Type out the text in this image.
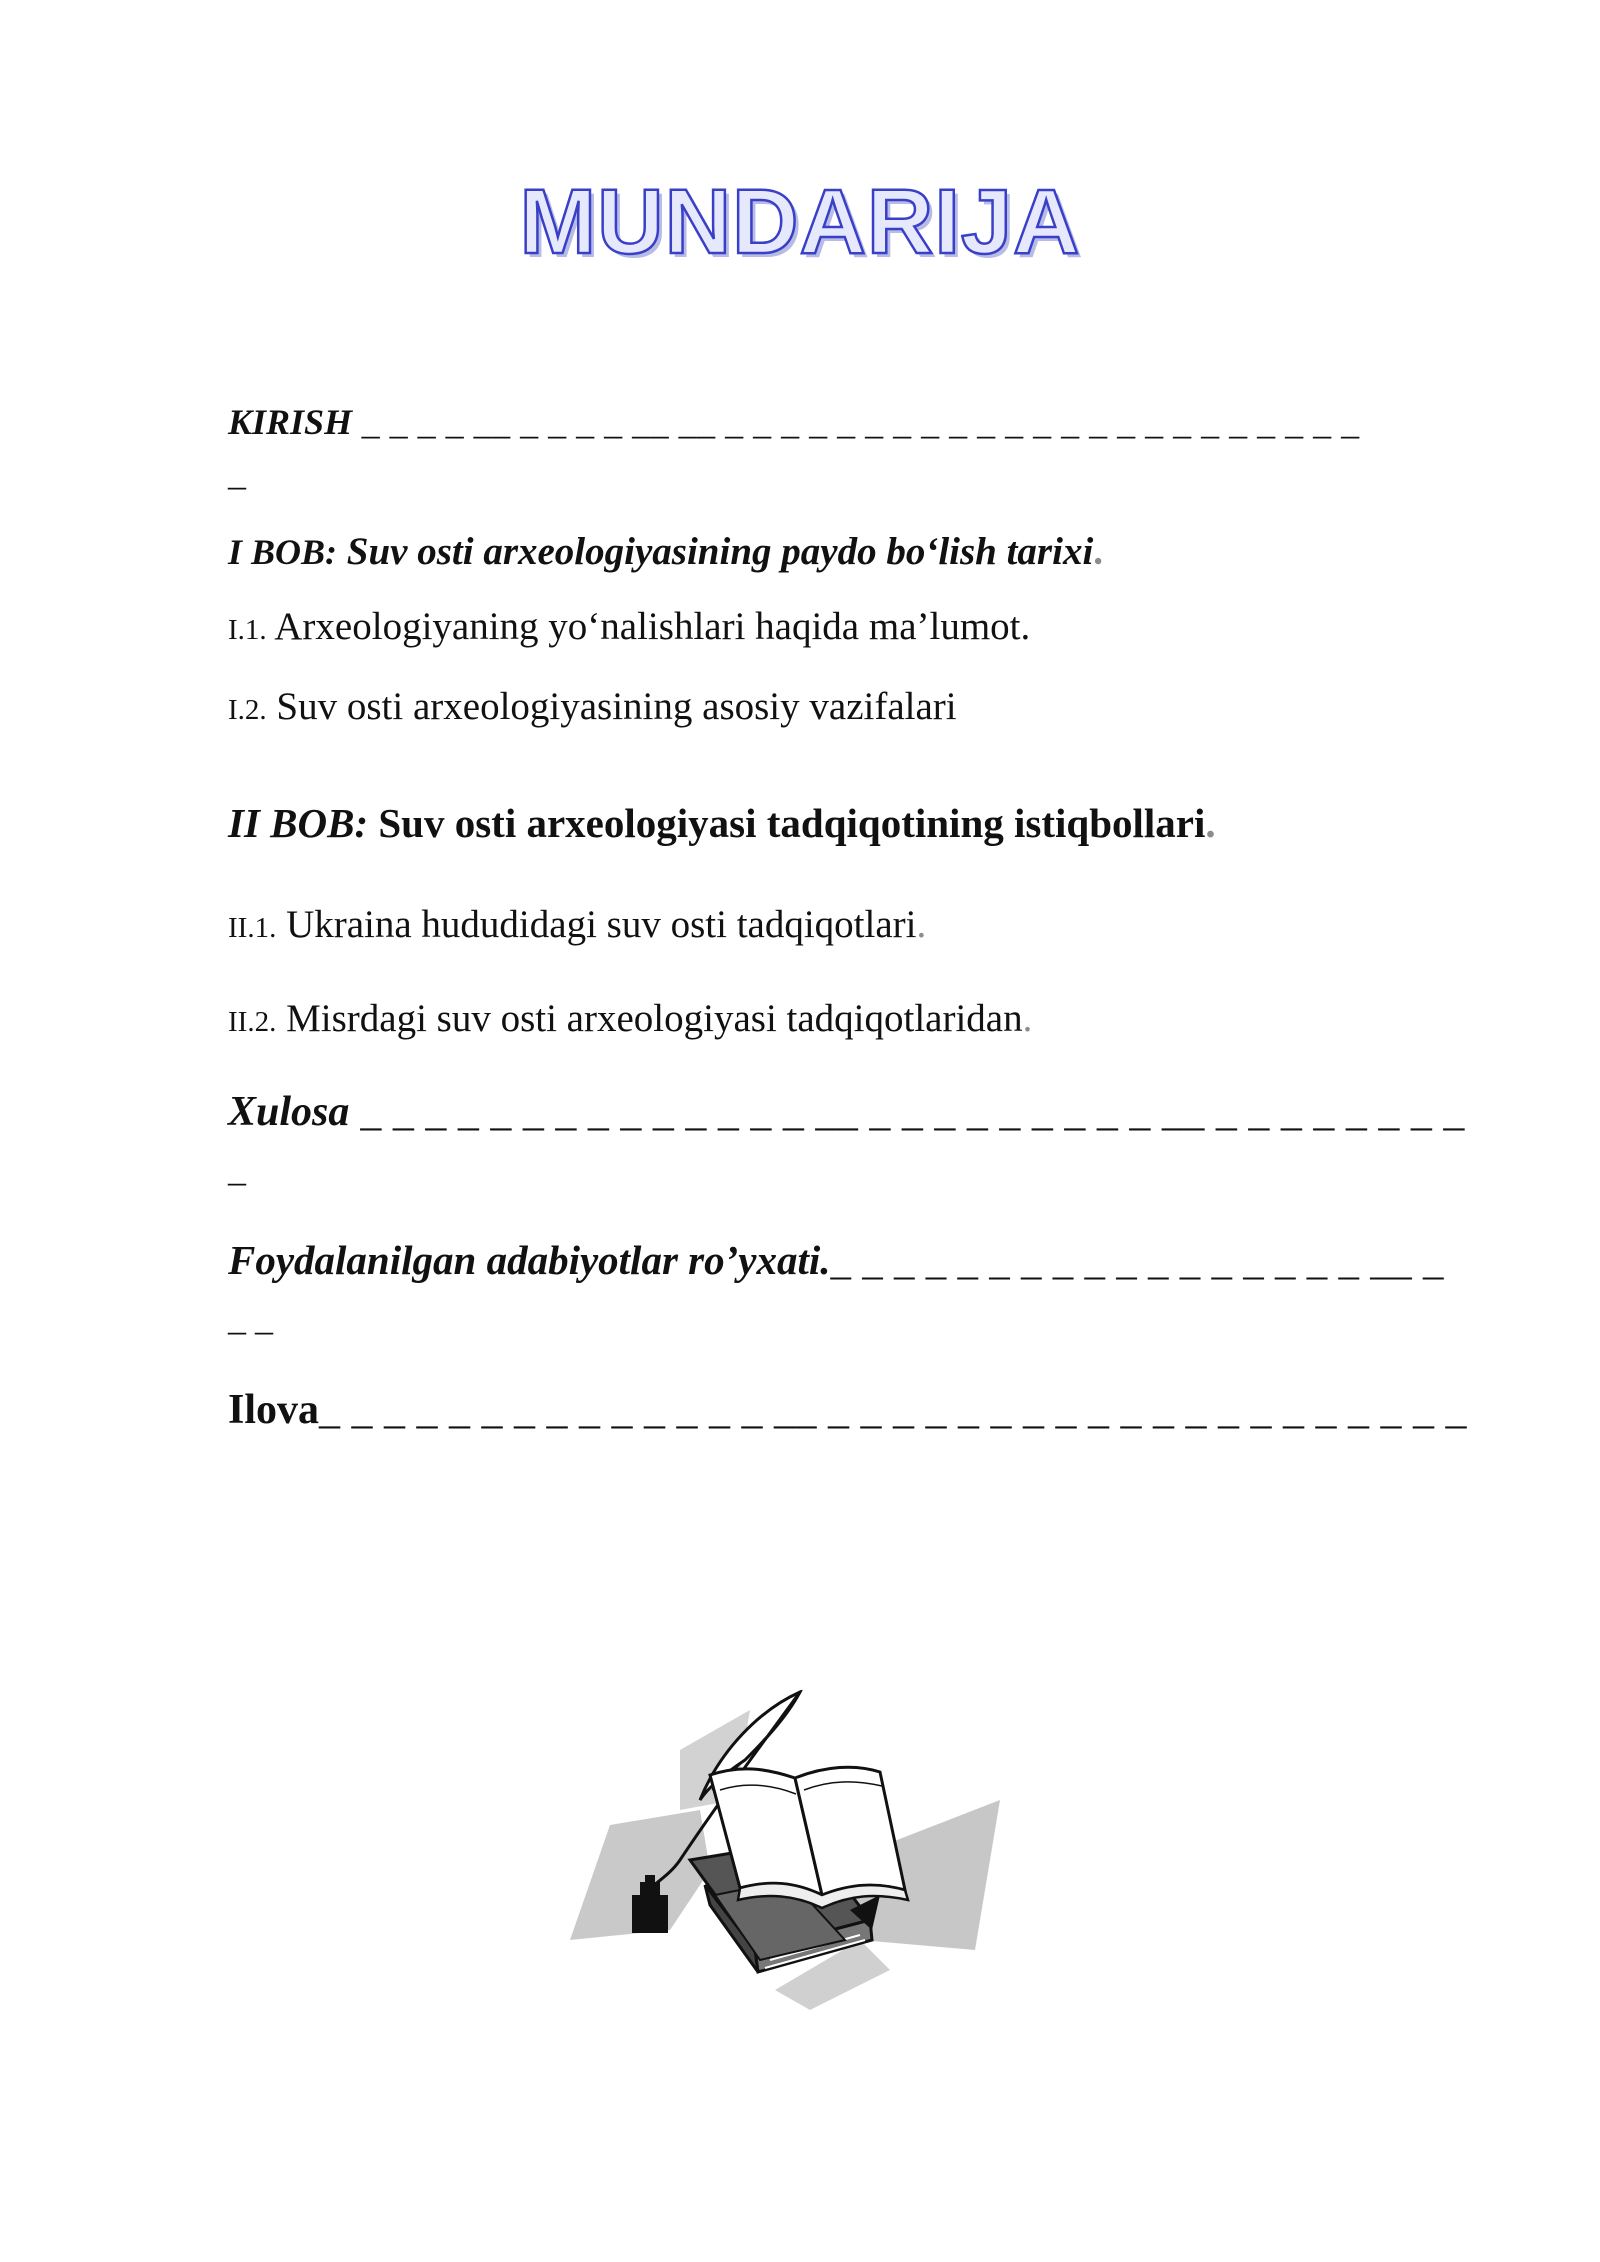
MUNDARIJA
KIRISH _ _ _ _ __ _ _ _ _ __ __ _ _ _ _ _ _ _ _ _ _ _ _ _ _ _ _ _ _ _ _ _ _ _
_
I BOB: Suv osti arxeologiyasining paydo bo‘lish tarixi.
I.1. Arxeologiyaning yo‘nalishlari haqida ma’lumot.
I.2. Suv osti arxeologiyasining asosiy vazifalari
II BOB: Suv osti arxeologiyasi tadqiqotining istiqbollari.
II.1. Ukraina hududidagi suv osti tadqiqotlari.
II.2. Misrdagi suv osti arxeologiyasi tadqiqotlaridan.
Xulosa _ _ _ _ _ _ _ _ _ _ _ _ _ _ __ _ _ _ _ _ _ _ _ _ __ _ _ _ _ _ _ _ _
_
Foydalanilgan adabiyotlar ro’yxati._ _ _ _ _ _ _ _ _ _ _ _ _ _ _ _ _ __ _
_ _
Ilova_ _ _ _ _ _ _ _ _ _ _ _ _ _ __ _ _ _ _ _ _ _ _ _ _ _ _ _ _ _ _ _ _ _ _
